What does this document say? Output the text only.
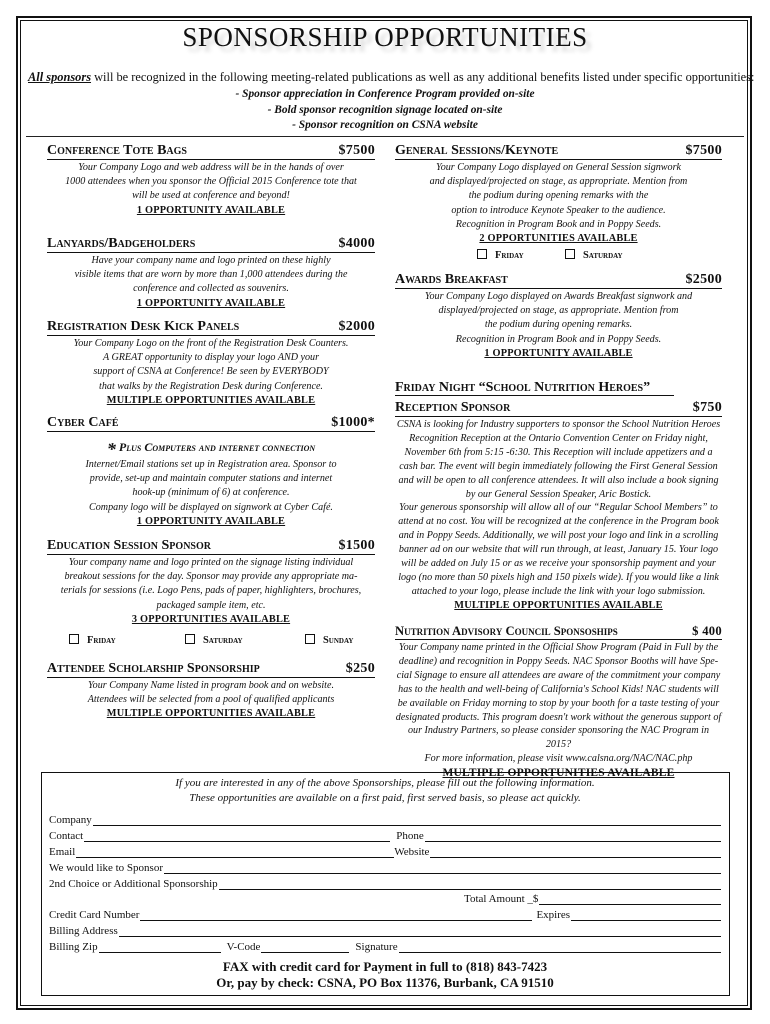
SPONSORSHIP OPPORTUNITIES
All sponsors will be recognized in the following meeting-related publications as well as any additional benefits listed under specific opportunities:
- Sponsor appreciation in Conference Program provided on-site
- Bold sponsor recognition signage located on-site
- Sponsor recognition on CSNA website
Conference Tote Bags	$7500
Your Company Logo and web address will be in the hands of over
1000 attendees when you sponsor the Official 2015 Conference tote that
will be used at conference and beyond!
1 OPPORTUNITY AVAILABLE
Lanyards/Badgeholders	$4000
Have your company name and logo printed on these highly
visible items that are worn by more than 1,000 attendees during the
conference and collected as souvenirs.
1 OPPORTUNITY AVAILABLE
Registration Desk Kick Panels	$2000
Your Company Logo on the front of the Registration Desk Counters.
A GREAT opportunity to display your logo AND your
support of CSNA at Conference! Be seen by EVERYBODY
that walks by the Registration Desk during Conference.
MULTIPLE OPPORTUNITIES AVAILABLE
Cyber Café	$1000*
* Plus Computers and internet connection
Internet/Email stations set up in Registration area. Sponsor to
provide, set-up and maintain computer stations and internet
hook-up (minimum of 6) at conference.
Company logo will be displayed on signwork at Cyber Café.
1 OPPORTUNITY AVAILABLE
Education Session Sponsor	$1500
Your company name and logo printed on the signage listing individual
breakout sessions for the day. Sponsor may provide any appropriate ma-
terials for sessions (i.e. Logo Pens, pads of paper, highlighters, brochures,
packaged sample item, etc.
3 OPPORTUNITIES AVAILABLE
Friday	Saturday	Sunday
Attendee Scholarship Sponsorship	$250
Your Company Name listed in program book and on website.
Attendees will be selected from a pool of qualified applicants
MULTIPLE OPPORTUNITIES AVAILABLE
General Sessions/Keynote	$7500
Your Company Logo displayed on General Session signwork
and displayed/projected on stage, as appropriate. Mention from
the podium during opening remarks with the
option to introduce Keynote Speaker to the audience.
Recognition in Program Book and in Poppy Seeds.
2 OPPORTUNITIES AVAILABLE
Friday	Saturday
Awards Breakfast	$2500
Your Company Logo displayed on Awards Breakfast signwork and
displayed/projected on stage, as appropriate. Mention from
the podium during opening remarks.
Recognition in Program Book and in Poppy Seeds.
1 OPPORTUNITY AVAILABLE
Friday Night “School Nutrition Heroes”
Reception Sponsor	$750
CSNA is looking for Industry supporters to sponsor the School Nutrition Heroes
Recognition Reception at the Ontario Convention Center on Friday night,
November 6th from 5:15 -6:30. This Reception will include appetizers and a
cash bar. The event will begin immediately following the First General Session
and will be open to all conference attendees. It will also include a book signing
by our General Session Speaker, Aric Bostick.
Your generous sponsorship will allow all of our “Regular School Members” to
attend at no cost. You will be recognized at the conference in the Program book
and in Poppy Seeds. Additionally, we will post your logo and link in a scrolling
banner ad on our website that will run through, at least, January 15. Your logo
will be added on July 15 or as we receive your sponsorship payment and your
logo (no more than 50 pixels high and 150 pixels wide). If you would like a link
attached to your logo, please include the link with your logo submission.
MULTIPLE OPPORTUNITIES AVAILABLE
Nutrition Advisory Council Sponsoships	$ 400
Your Company name printed in the Official Show Program (Paid in Full by the
deadline) and recognition in Poppy Seeds. NAC Sponsor Booths will have Spe-
cial Signage to ensure all attendees are aware of the commitment your company
has to the health and well-being of California's School Kids! NAC students will
be available on Friday morning to stop by your booth for a taste testing of your
designated products. This program doesn't work without the generous support of
our Industry Partners, so please consider sponsoring the NAC Program in 2015?
For more information, please visit www.calsna.org/NAC/NAC.php
MULTIPLE OPPORTUNITIES AVAILABLE
If you are interested in any of the above Sponsorships, please fill out the following information.
These opportunities are available on a first paid, first served basis, so please act quickly.
Company
Contact	Phone
Email	Website
We would like to Sponsor
2nd Choice or Additional Sponsorship
Total Amount _$
Credit Card Number	Expires
Billing Address
Billing Zip	V-Code	Signature
FAX with credit card for Payment in full to (818) 843-7423
Or, pay by check: CSNA, PO Box 11376, Burbank, CA 91510
